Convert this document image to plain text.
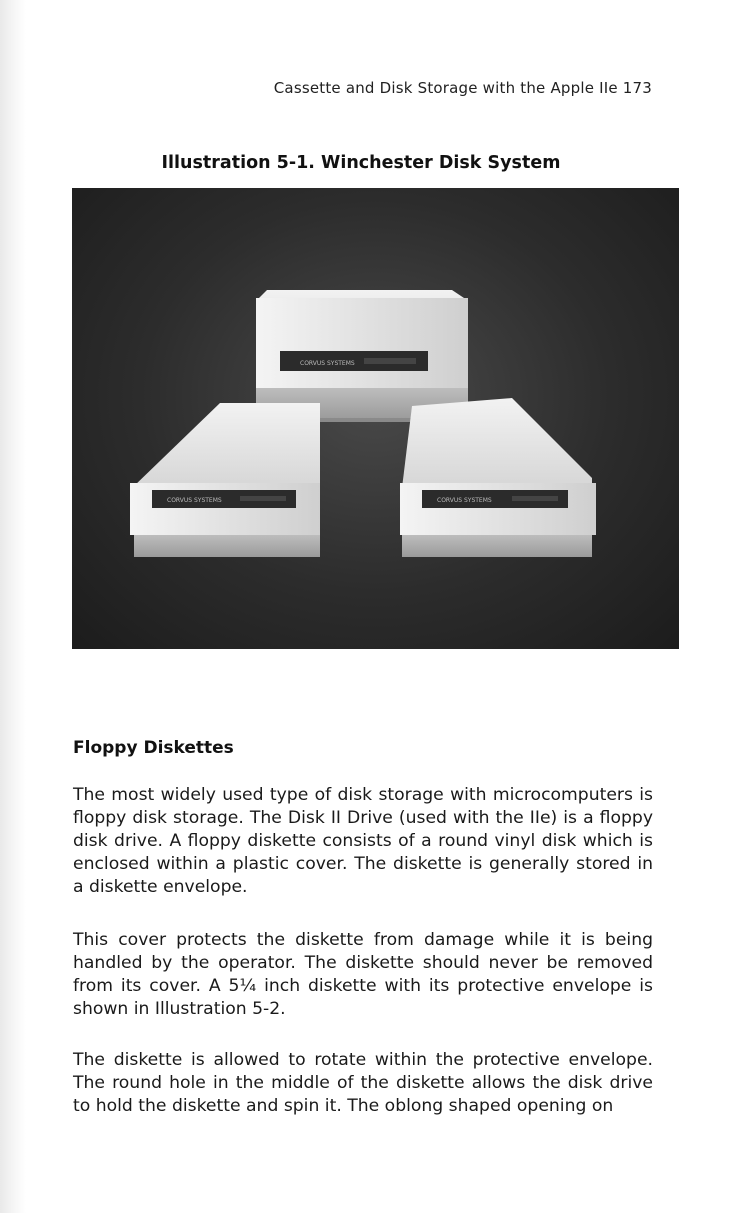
Cassette and Disk Storage with the Apple IIe 173
Illustration 5-1. Winchester Disk System
CORVUS SYSTEMS
CORVUS SYSTEMS	CORVUS SYSTEMS
Floppy Diskettes

The most widely used type of disk storage with microcomputers is floppy disk storage. The Disk II Drive (used with the IIe) is a floppy disk drive. A floppy diskette consists of a round vinyl disk which is enclosed within a plastic cover. The diskette is generally stored in a diskette envelope.

This cover protects the diskette from damage while it is being handled by the operator. The diskette should never be removed from its cover. A 5¼ inch diskette with its protective envelope is shown in Illustration 5-2.

The diskette is allowed to rotate within the protective envelope. The round hole in the middle of the diskette allows the disk drive to hold the diskette and spin it. The oblong shaped opening on
